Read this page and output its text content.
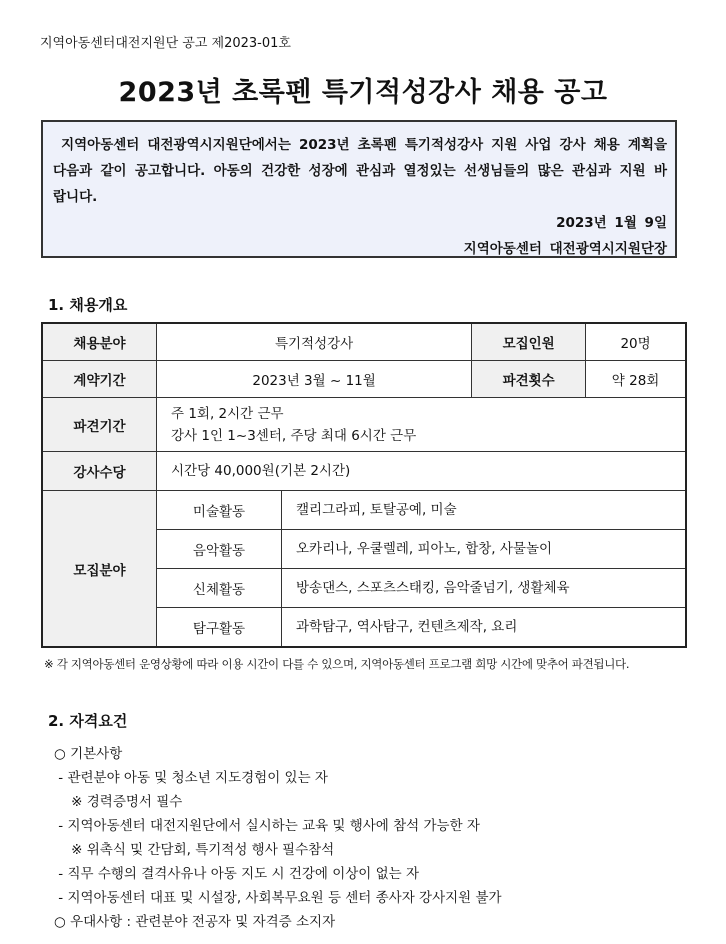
지역아동센터대전지원단 공고 제2023-01호
2023년 초록펜 특기적성강사 채용 공고

지역아동센터 대전광역시지원단에서는 2023년 초록펜 특기적성강사 지원 사업 강사 채용 계획을 다음과 같이 공고합니다. 아동의 건강한 성장에 관심과 열정있는 선생님들의 많은 관심과 지원 바랍니다.

2023년 1월 9일

지역아동센터 대전광역시지원단장

1. 채용개요
채용분야	특기적성강사		모집인원	20명
계약기간	2023년 3월 ~ 11월		파견횟수	약 28회
파견기간	주 1회, 2시간 근무
강사 1인 1~3센터, 주당 최대 6시간 근무			

강사수당	시간당 40,000원(기본 2시간)			
모집분야	미술활동	캘리그라피, 토탈공예, 미술		
	음악활동	오카리나, 우쿨렐레, 피아노, 합창, 사물놀이		
	신체활동	방송댄스, 스포츠스태킹, 음악줄넘기, 생활체육		
	탐구활동	과학탐구, 역사탐구, 컨텐츠제작, 요리		
※ 각 지역아동센터 운영상황에 따라 이용 시간이 다를 수 있으며, 지역아동센터 프로그램 희망 시간에 맞추어 파견됩니다.
2. 자격요건
○ 기본사항
- 관련분야 아동 및 청소년 지도경험이 있는 자
※ 경력증명서 필수
- 지역아동센터 대전지원단에서 실시하는 교육 및 행사에 참석 가능한 자
※ 위촉식 및 간담회, 특기적성 행사 필수참석
- 직무 수행의 결격사유나 아동 지도 시 건강에 이상이 없는 자
- 지역아동센터 대표 및 시설장, 사회복무요원 등 센터 종사자 강사지원 불가
○ 우대사항 : 관련분야 전공자 및 자격증 소지자
